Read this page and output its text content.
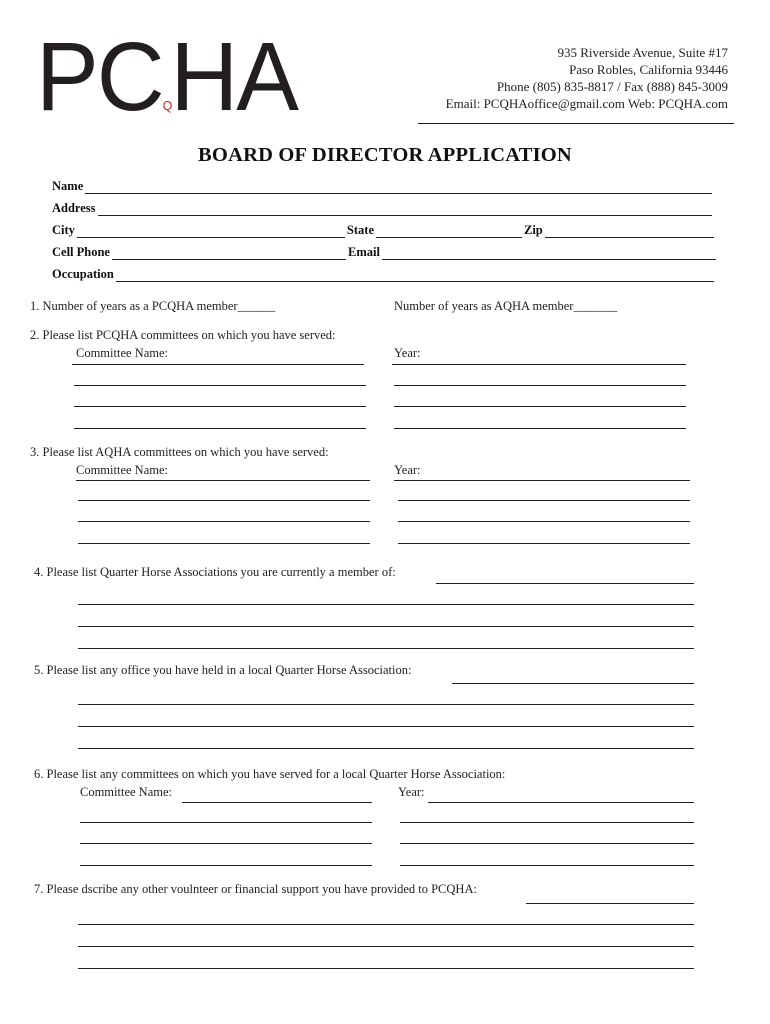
PCQHA	935 Riverside Avenue, Suite #17
Paso Robles, California 93446
Phone (805) 835-8817 / Fax (888) 845-3009
Email: PCQHAoffice@gmail.com Web: PCQHA.com
BOARD OF DIRECTOR APPLICATION
Name
Address
City	State	Zip
Cell Phone	Email
Occupation
1. Number of years as a PCQHA member______	Number of years as AQHA member_______
2. Please list PCQHA committees on which you have served:
Committee Name:	Year:
3. Please list AQHA committees on which you have served:
Committee Name:	Year:
4. Please list Quarter Horse Associations you are currently a member of:
5. Please list any office you have held in a local Quarter Horse Association:
6. Please list any committees on which you have served for a local Quarter Horse Association:
Committee Name:	Year:
7. Please dscribe any other voulnteer or financial support you have provided to PCQHA:
